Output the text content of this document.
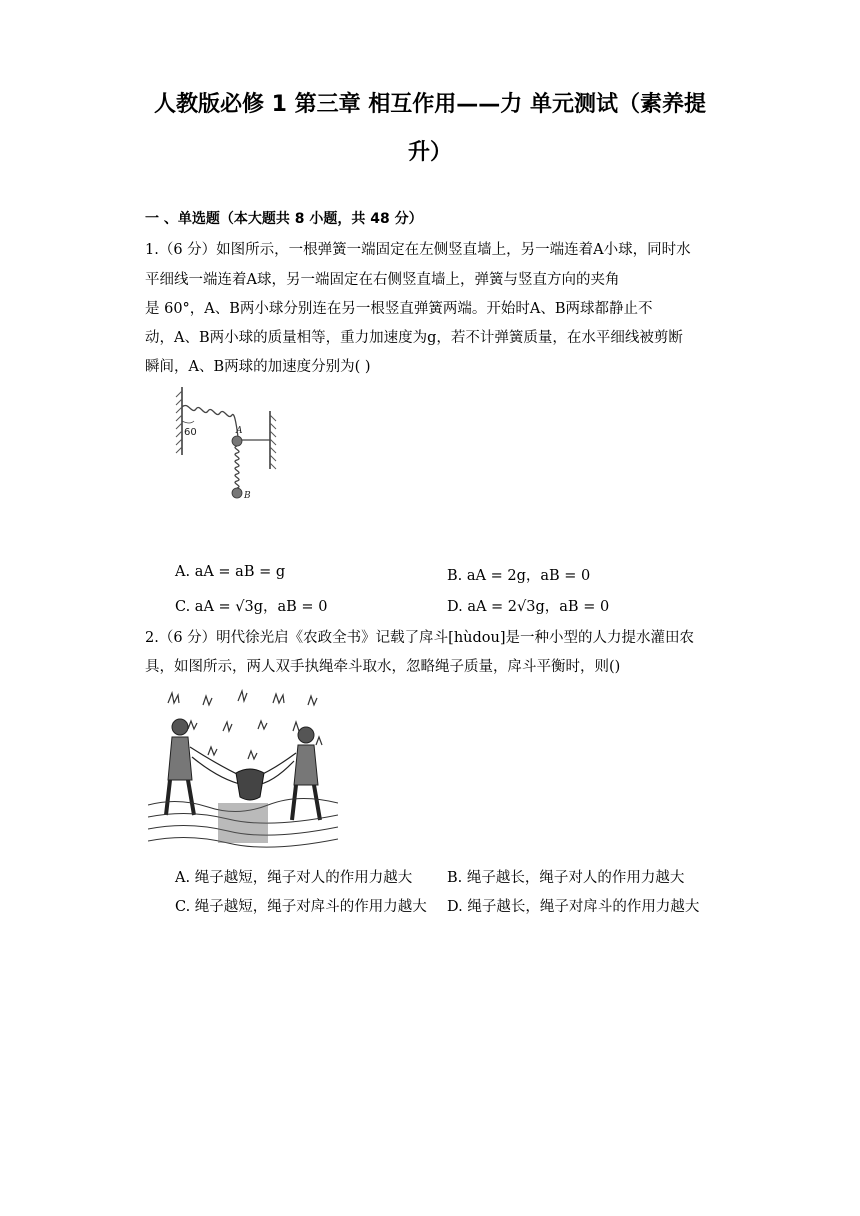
人教版必修 1 第三章 相互作用——力 单元测试（素养提
升）
一 、单选题（本大题共 8 小题，共 48 分）
1.（6 分）如图所示，一根弹簧一端固定在左侧竖直墙上，另一端连着A小球，同时水
平细线一端连着A球，另一端固定在右侧竖直墙上，弹簧与竖直方向的夹角
是 60°，A、B两小球分别连在另一根竖直弹簧两端。开始时A、B两球都静止不
动，A、B两小球的质量相等，重力加速度为g，若不计弹簧质量，在水平细线被剪断
瞬间，A、B两球的加速度分别为( )
60	A
B
A. aA = aB = g	B. aA = 2g，aB = 0
C. aA = √3g，aB = 0	D. aA = 2√3g，aB = 0
2.（6 分）明代徐光启《农政全书》记载了戽斗[hùdou]是一种小型的人力提水灌田农
具，如图所示，两人双手执绳牵斗取水，忽略绳子质量，戽斗平衡时，则()
A. 绳子越短，绳子对人的作用力越大 B. 绳子越长，绳子对人的作用力越大
C. 绳子越短，绳子对戽斗的作用力越大 D. 绳子越长，绳子对戽斗的作用力越大
